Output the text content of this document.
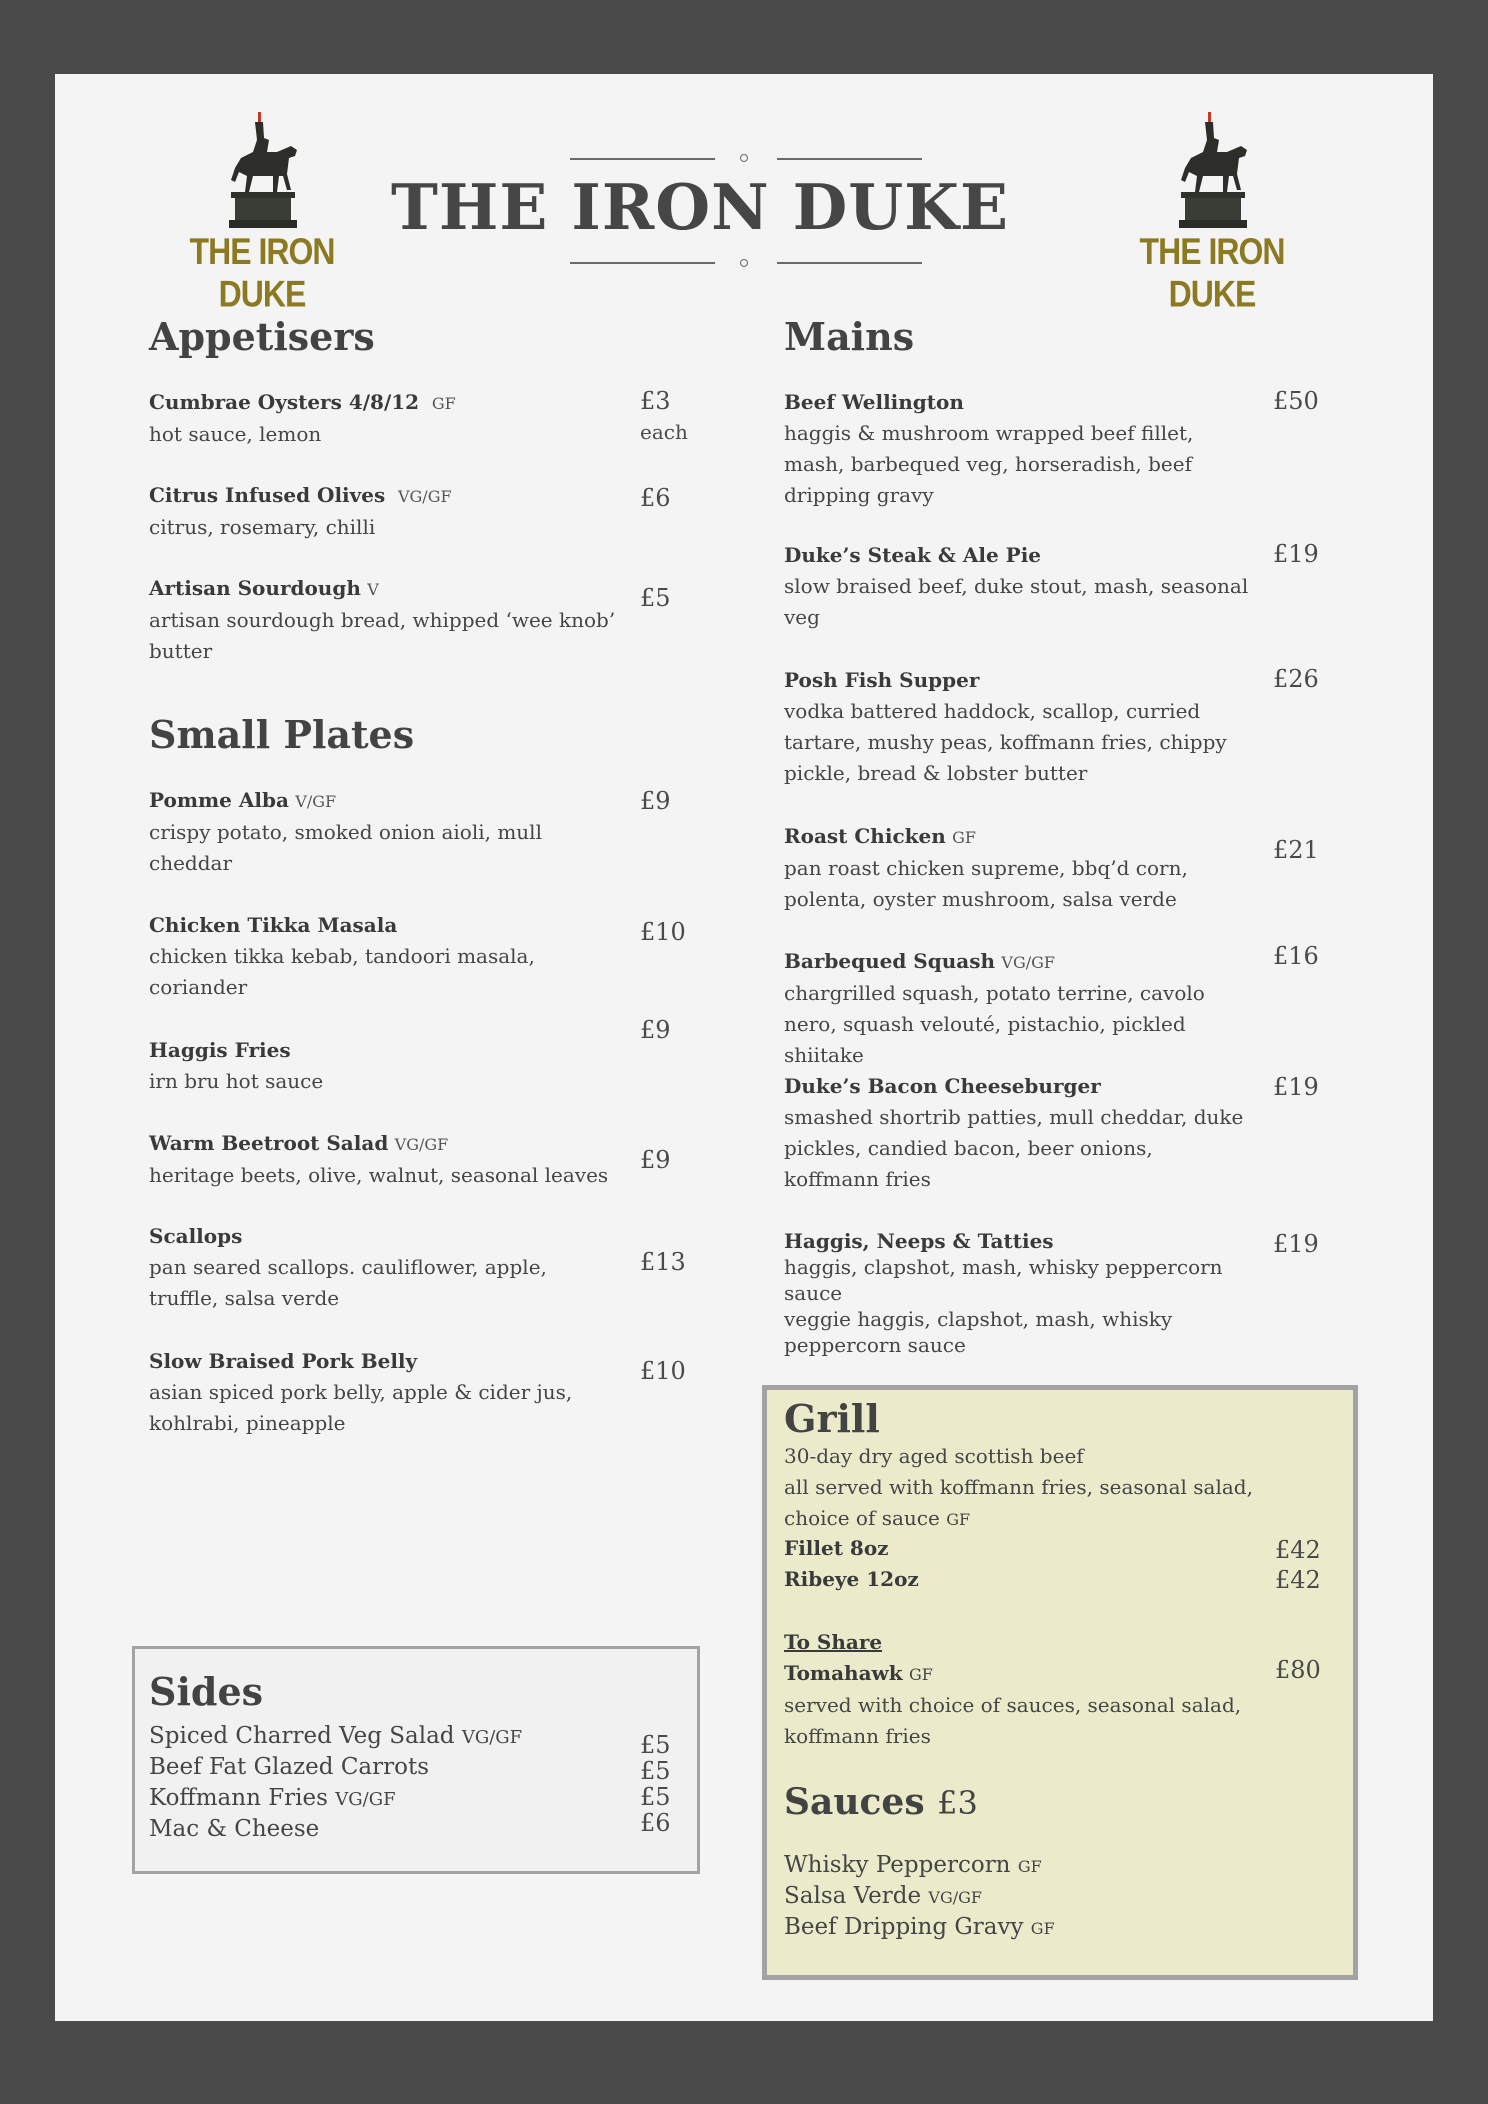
THE IRON DUKE
THE IRON DUKE
THE IRON DUKE
Appetisers
Cumbrae Oysters 4/8/12 GF
hot sauce, lemon
£3
each
Citrus Infused Olives VG/GF
citrus, rosemary, chilli
£6
Artisan Sourdough V
artisan sourdough bread, whipped ‘wee knob’ butter
£5
Small Plates
Pomme Alba V/GF
crispy potato, smoked onion aioli, mull cheddar
£9
Chicken Tikka Masala
chicken tikka kebab, tandoori masala, coriander
£10
£9
Haggis Fries
irn bru hot sauce
Warm Beetroot Salad VG/GF
heritage beets, olive, walnut, seasonal leaves
£9
Scallops
pan seared scallops. cauliflower, apple, truffle, salsa verde
£13
Slow Braised Pork Belly
asian spiced pork belly, apple & cider jus, kohlrabi, pineapple
£10
Mains
Beef Wellington
haggis & mushroom wrapped beef fillet, mash, barbequed veg, horseradish, beef dripping gravy
£50
Duke’s Steak & Ale Pie
slow braised beef, duke stout, mash, seasonal veg
£19
Posh Fish Supper
vodka battered haddock, scallop, curried tartare, mushy peas, koffmann fries, chippy pickle, bread & lobster butter
£26
Roast Chicken GF
pan roast chicken supreme, bbq’d corn, polenta, oyster mushroom, salsa verde
£21
Barbequed Squash VG/GF
chargrilled squash, potato terrine, cavolo nero, squash velouté, pistachio, pickled shiitake
£16
Duke’s Bacon Cheeseburger
smashed shortrib patties, mull cheddar, duke pickles, candied bacon, beer onions, koffmann fries
£19
Haggis, Neeps & Tatties
haggis, clapshot, mash, whisky peppercorn sauce
veggie haggis, clapshot, mash, whisky peppercorn sauce
£19
Sides
Spiced Charred Veg Salad VG/GF
Beef Fat Glazed Carrots
Koffmann Fries VG/GF
Mac & Cheese
£5
£5
£5
£6
Grill
30-day dry aged scottish beef
all served with koffmann fries, seasonal salad, choice of sauce GF
Fillet 8oz
Ribeye 12oz
£42
£42
To Share
Tomahawk GF
served with choice of sauces, seasonal salad, koffmann fries
£80
Sauces £3
Whisky Peppercorn GF
Salsa Verde VG/GF
Beef Dripping Gravy GF
